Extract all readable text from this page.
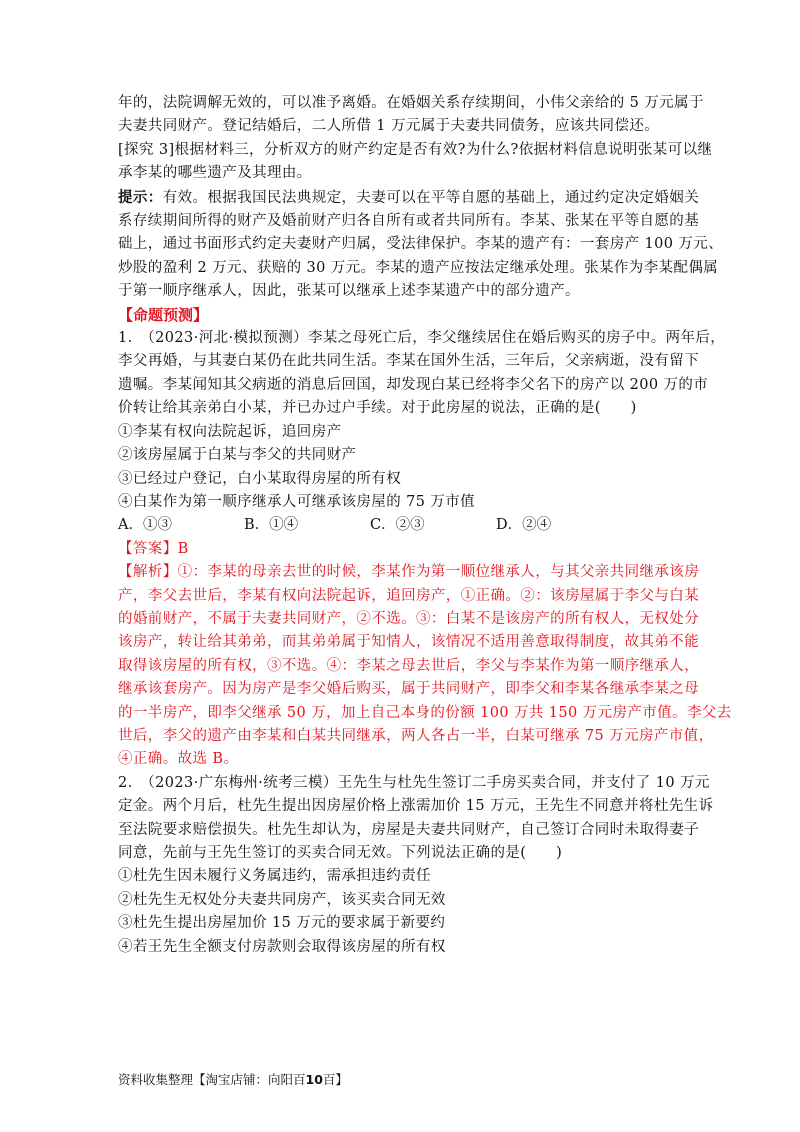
年的，法院调解无效的，可以准予离婚。在婚姻关系存续期间，小伟父亲给的 5 万元属于
夫妻共同财产。登记结婚后，二人所借 1 万元属于夫妻共同债务，应该共同偿还。
[探究 3]根据材料三，分析双方的财产约定是否有效?为什么?依据材料信息说明张某可以继
承李某的哪些遗产及其理由。
提示：有效。根据我国民法典规定，夫妻可以在平等自愿的基础上，通过约定决定婚姻关
系存续期间所得的财产及婚前财产归各自所有或者共同所有。李某、张某在平等自愿的基
础上，通过书面形式约定夫妻财产归属，受法律保护。李某的遗产有：一套房产 100 万元、
炒股的盈利 2 万元、获赔的 30 万元。李某的遗产应按法定继承处理。张某作为李某配偶属
于第一顺序继承人，因此，张某可以继承上述李某遗产中的部分遗产。
【命题预测】
1.　（2023·河北·模拟预测）李某之母死亡后，李父继续居住在婚后购买的房子中。两年后，
李父再婚，与其妻白某仍在此共同生活。李某在国外生活，三年后，父亲病逝，没有留下
遗嘱。李某闻知其父病逝的消息后回国，却发现白某已经将李父名下的房产以 200 万的市
价转让给其亲弟白小某，并已办过户手续。对于此房屋的说法，正确的是(　　)
①李某有权向法院起诉，追回房产
②该房屋属于白某与李父的共同财产
③已经过户登记，白小某取得房屋的所有权
④白某作为第一顺序继承人可继承该房屋的 75 万市值
A．①③	B．①④	C．②③	D．②④
【答案】B
【解析】①：李某的母亲去世的时候，李某作为第一顺位继承人，与其父亲共同继承该房
产，李父去世后，李某有权向法院起诉，追回房产，①正确。②：该房屋属于李父与白某
的婚前财产，不属于夫妻共同财产，②不选。③：白某不是该房产的所有权人，无权处分
该房产，转让给其弟弟，而其弟弟属于知情人，该情况不适用善意取得制度，故其弟不能
取得该房屋的所有权，③不选。④：李某之母去世后，李父与李某作为第一顺序继承人，
继承该套房产。因为房产是李父婚后购买，属于共同财产，即李父和李某各继承李某之母
的一半房产，即李父继承 50 万，加上自己本身的份额 100 万共 150 万元房产市值。李父去
世后，李父的遗产由李某和白某共同继承，两人各占一半，白某可继承 75 万元房产市值，
④正确。故选 B。
2.　（2023·广东梅州·统考三模）王先生与杜先生签订二手房买卖合同，并支付了 10 万元
定金。两个月后，杜先生提出因房屋价格上涨需加价 15 万元，王先生不同意并将杜先生诉
至法院要求赔偿损失。杜先生却认为，房屋是夫妻共同财产，自己签订合同时未取得妻子
同意，先前与王先生签订的买卖合同无效。下列说法正确的是(　　)
①杜先生因未履行义务属违约，需承担违约责任
②杜先生无权处分夫妻共同房产，该买卖合同无效
③杜先生提出房屋加价 15 万元的要求属于新要约
④若王先生全额支付房款则会取得该房屋的所有权
资料收集整理【淘宝店铺：向阳百10百】
